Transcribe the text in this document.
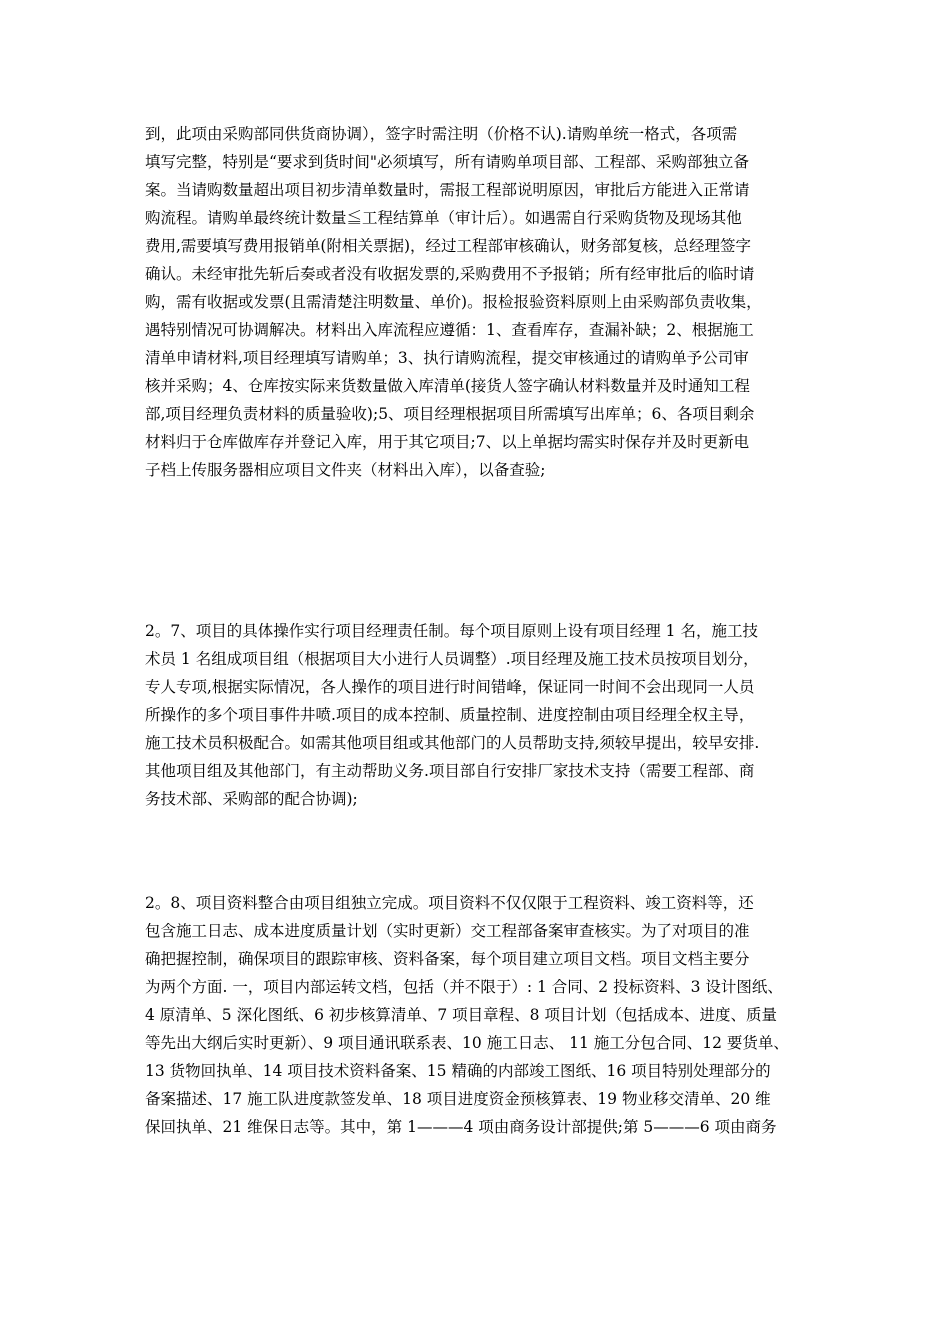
到，此项由采购部同供货商协调），签字时需注明（价格不认).请购单统一格式，各项需
填写完整，特别是“要求到货时间"必须填写，所有请购单项目部、工程部、采购部独立备
案。当请购数量超出项目初步清单数量时，需报工程部说明原因，审批后方能进入正常请
购流程。请购单最终统计数量≦工程结算单（审计后）。如遇需自行采购货物及现场其他
费用,需要填写费用报销单(附相关票据)，经过工程部审核确认，财务部复核，总经理签字
确认。未经审批先斩后奏或者没有收据发票的,采购费用不予报销；所有经审批后的临时请
购，需有收据或发票(且需清楚注明数量、单价)。报检报验资料原则上由采购部负责收集，
遇特别情况可协调解决。材料出入库流程应遵循：1、查看库存，查漏补缺；2、根据施工
清单申请材料,项目经理填写请购单；3、执行请购流程，提交审核通过的请购单予公司审
核并采购；4、仓库按实际来货数量做入库清单(接货人签字确认材料数量并及时通知工程
部,项目经理负责材料的质量验收);5、项目经理根据项目所需填写出库单；6、各项目剩余
材料归于仓库做库存并登记入库，用于其它项目;7、以上单据均需实时保存并及时更新电
子档上传服务器相应项目文件夹（材料出入库），以备查验;
2。7、项目的具体操作实行项目经理责任制。每个项目原则上设有项目经理 1 名，施工技
术员 1 名组成项目组（根据项目大小进行人员调整）.项目经理及施工技术员按项目划分，
专人专项,根据实际情况，各人操作的项目进行时间错峰，保证同一时间不会出现同一人员
所操作的多个项目事件井喷.项目的成本控制、质量控制、进度控制由项目经理全权主导，
施工技术员积极配合。如需其他项目组或其他部门的人员帮助支持,须较早提出，较早安排.
其他项目组及其他部门，有主动帮助义务.项目部自行安排厂家技术支持（需要工程部、商
务技术部、采购部的配合协调);
2。8、项目资料整合由项目组独立完成。项目资料不仅仅限于工程资料、竣工资料等，还
包含施工日志、成本进度质量计划（实时更新）交工程部备案审查核实。为了对项目的准
确把握控制，确保项目的跟踪审核、资料备案，每个项目建立项目文档。项目文档主要分
为两个方面. 一，项目内部运转文档，包括（并不限于）: 1 合同、2 投标资料、3 设计图纸、
4 原清单、5 深化图纸、6 初步核算清单、7 项目章程、8 项目计划（包括成本、进度、质量
等先出大纲后实时更新）、9 项目通讯联系表、10 施工日志、 11 施工分包合同、12 要货单、
13 货物回执单、14 项目技术资料备案、15 精确的内部竣工图纸、16 项目特别处理部分的
备案描述、17 施工队进度款签发单、18 项目进度资金预核算表、19 物业移交清单、20 维
保回执单、21 维保日志等。其中，第 1———4 项由商务设计部提供;第 5———6 项由商务
